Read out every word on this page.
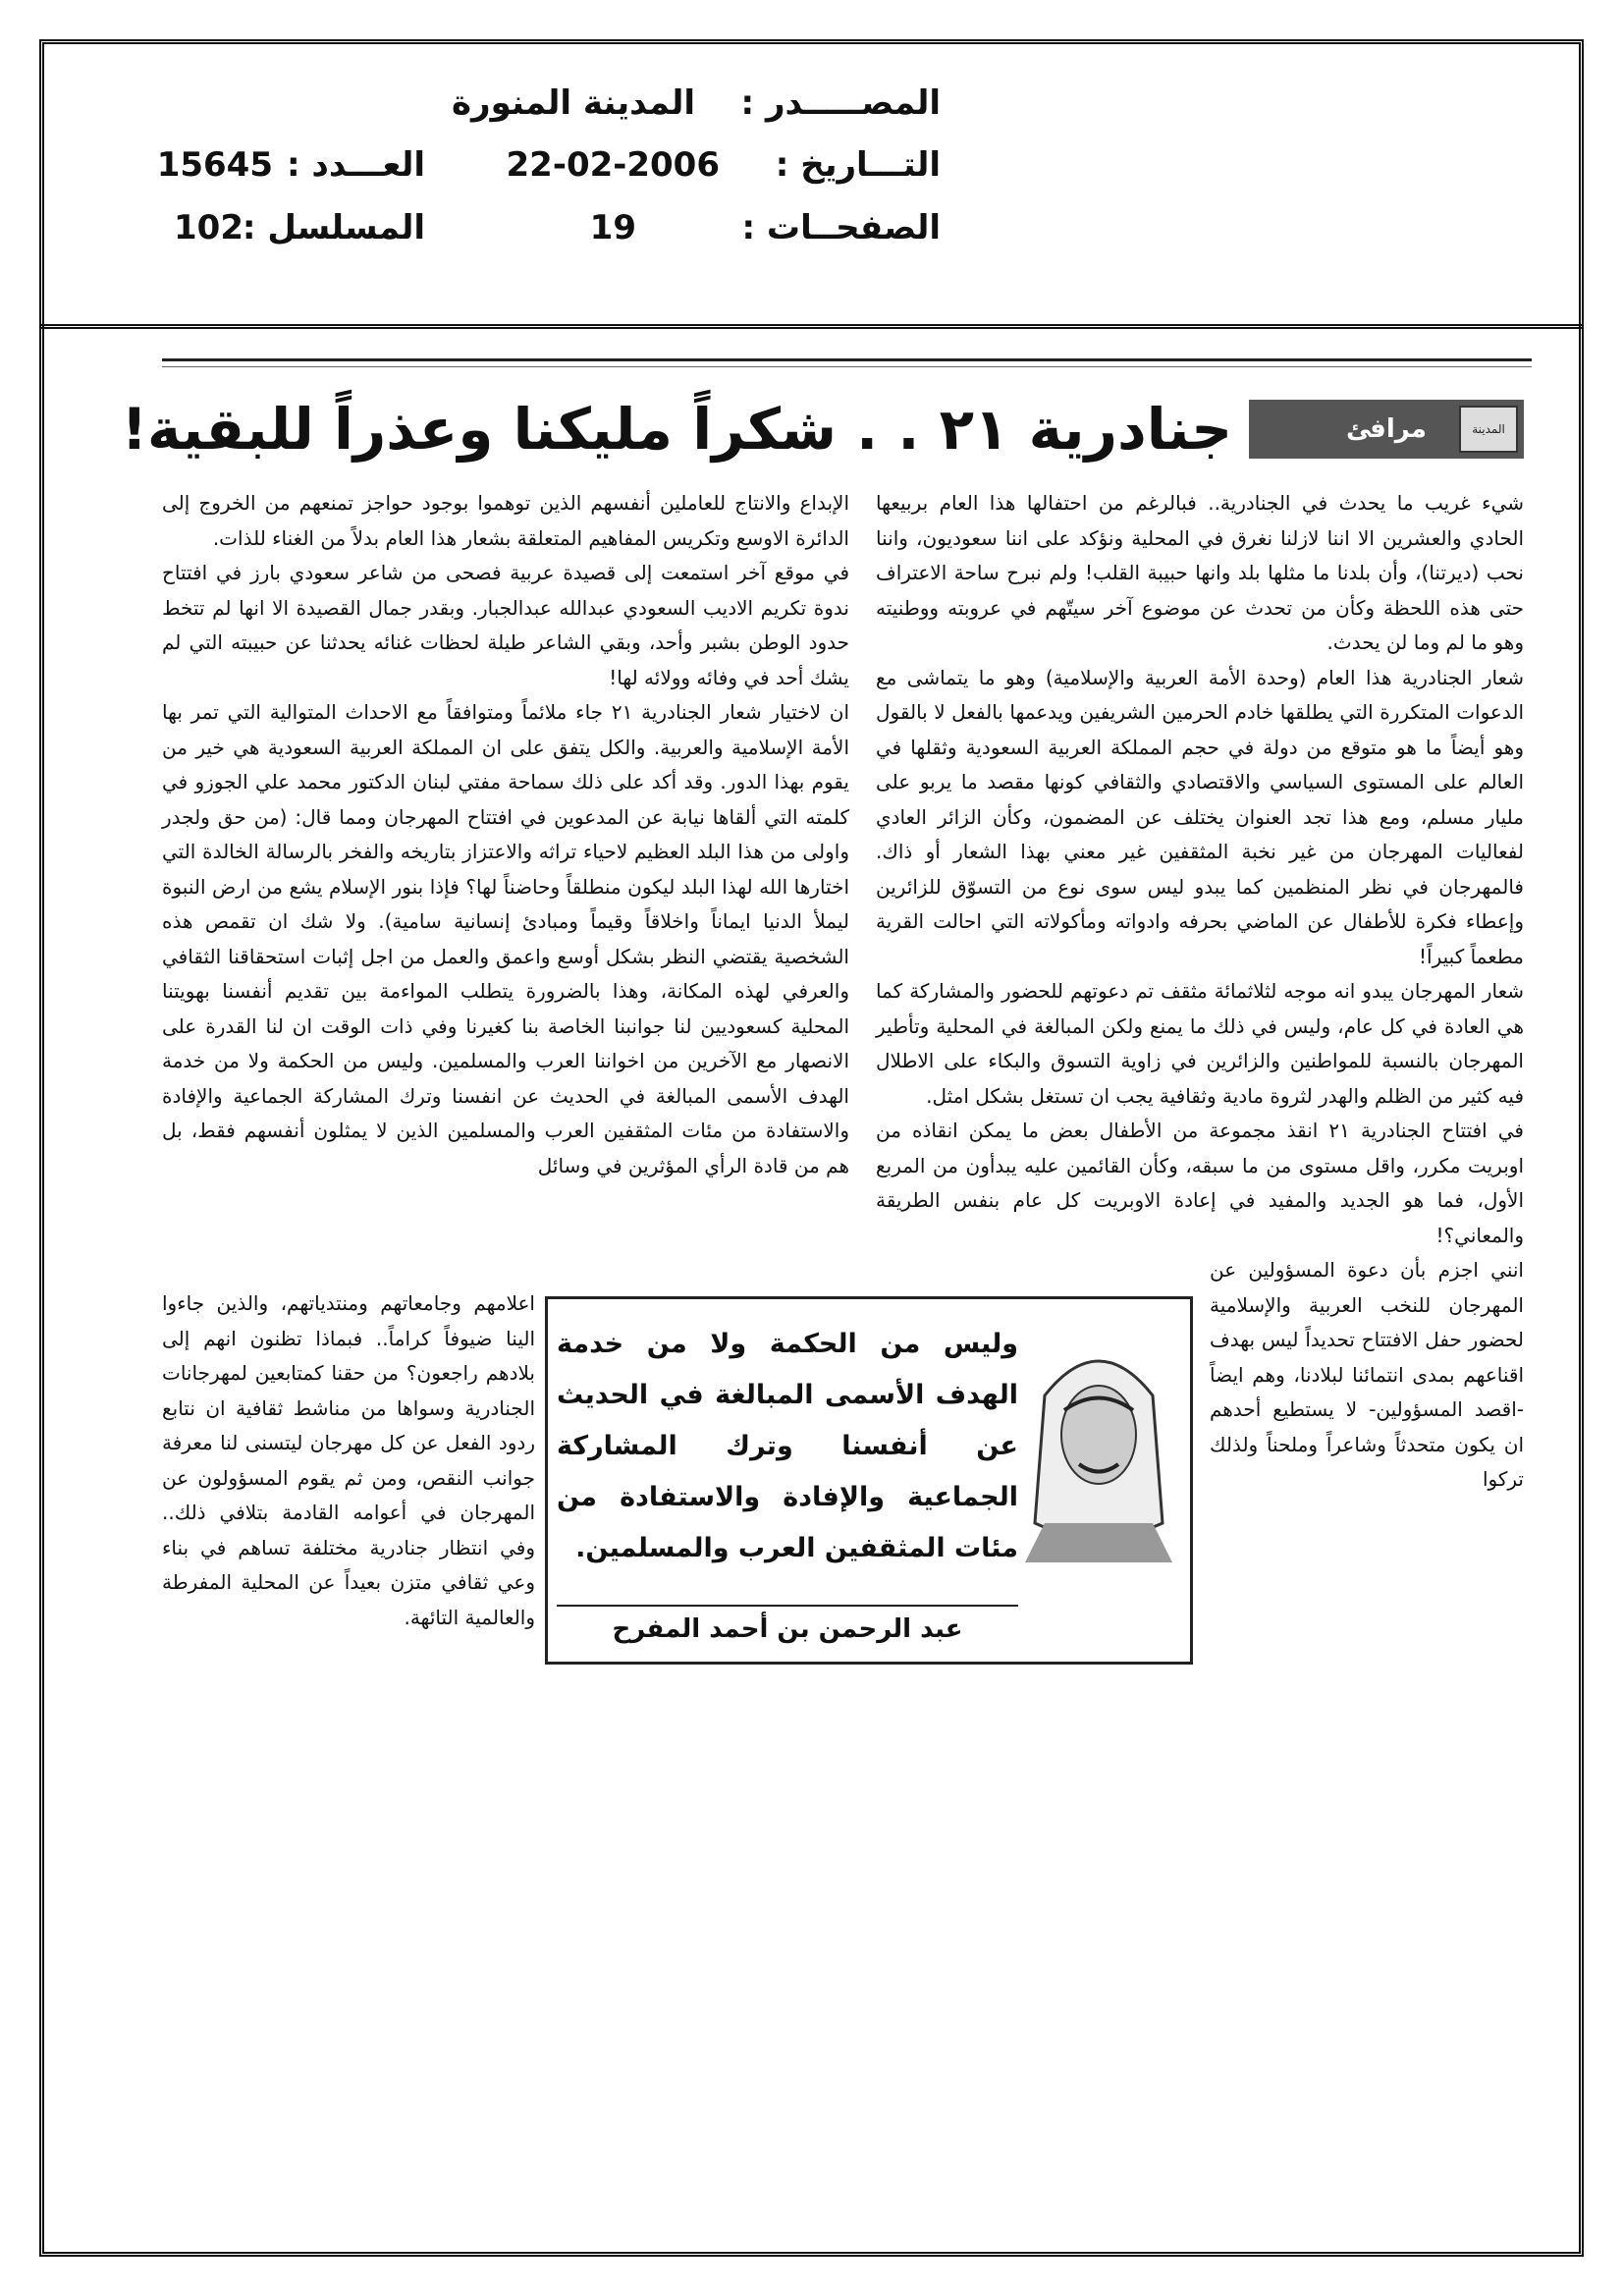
المصـــــدر :
المدينة المنورة
التـــاريخ :
22-02-2006
العـــدد :
15645
الصفحــات :
19
المسلسل :
102
مرافئ	المدينة
جنادرية ٢١ . . شكراً مليكنا وعذراً للبقية!

شيء غريب ما يحدث في الجنادرية.. فبالرغم من احتفالها هذا العام بربيعها الحادي والعشرين الا اننا لازلنا نغرق في المحلية ونؤكد على اننا سعوديون، واننا نحب (ديرتنا)، وأن بلدنا ما مثلها بلد وانها حبيبة القلب! ولم نبرح ساحة الاعتراف حتى هذه اللحظة وكأن من تحدث عن موضوع آخر سيتّهم في عروبته ووطنيته وهو ما لم وما لن يحدث.

شعار الجنادرية هذا العام (وحدة الأمة العربية والإسلامية) وهو ما يتماشى مع الدعوات المتكررة التي يطلقها خادم الحرمين الشريفين ويدعمها بالفعل لا بالقول وهو أيضاً ما هو متوقع من دولة في حجم المملكة العربية السعودية وثقلها في العالم على المستوى السياسي والاقتصادي والثقافي كونها مقصد ما يربو على مليار مسلم، ومع هذا تجد العنوان يختلف عن المضمون، وكأن الزائر العادي لفعاليات المهرجان من غير نخبة المثقفين غير معني بهذا الشعار أو ذاك. فالمهرجان في نظر المنظمين كما يبدو ليس سوى نوع من التسوّق للزائرين وإعطاء فكرة للأطفال عن الماضي بحرفه وادواته ومأكولاته التي احالت القرية مطعماً كبيراً!

شعار المهرجان يبدو انه موجه لثلاثمائة مثقف تم دعوتهم للحضور والمشاركة كما هي العادة في كل عام، وليس في ذلك ما يمنع ولكن المبالغة في المحلية وتأطير المهرجان بالنسبة للمواطنين والزائرين في زاوية التسوق والبكاء على الاطلال فيه كثير من الظلم والهدر لثروة مادية وثقافية يجب ان تستغل بشكل امثل.

في افتتاح الجنادرية ٢١ انقذ مجموعة من الأطفال بعض ما يمكن انقاذه من اوبريت مكرر، واقل مستوى من ما سبقه، وكأن القائمين عليه يبدأون من المربع الأول، فما هو الجديد والمفيد في إعادة الاوبريت كل عام بنفس الطريقة والمعاني؟!

انني اجزم بأن دعوة المسؤولين عن المهرجان للنخب العربية والإسلامية لحضور حفل الافتتاح تحديداً ليس بهدف اقناعهم بمدى انتمائنا لبلادنا، وهم ايضاً -اقصد المسؤولين- لا يستطيع أحدهم ان يكون متحدثاً وشاعراً وملحناً ولذلك تركوا

الإبداع والانتاج للعاملين أنفسهم الذين توهموا بوجود حواجز تمنعهم من الخروج إلى الدائرة الاوسع وتكريس المفاهيم المتعلقة بشعار هذا العام بدلاً من الغناء للذات.

في موقع آخر استمعت إلى قصيدة عربية فصحى من شاعر سعودي بارز في افتتاح ندوة تكريم الاديب السعودي عبدالله عبدالجبار. وبقدر جمال القصيدة الا انها لم تتخط حدود الوطن بشبر وأحد، وبقي الشاعر طيلة لحظات غنائه يحدثنا عن حبيبته التي لم يشك أحد في وفائه وولائه لها!

ان لاختيار شعار الجنادرية ٢١ جاء ملائماً ومتوافقاً مع الاحداث المتوالية التي تمر بها الأمة الإسلامية والعربية. والكل يتفق على ان المملكة العربية السعودية هي خير من يقوم بهذا الدور. وقد أكد على ذلك سماحة مفتي لبنان الدكتور محمد علي الجوزو في كلمته التي ألقاها نيابة عن المدعوين في افتتاح المهرجان ومما قال: (من حق ولجدر واولى من هذا البلد العظيم لاحياء تراثه والاعتزاز بتاريخه والفخر بالرسالة الخالدة التي اختارها الله لهذا البلد ليكون منطلقاً وحاضناً لها؟ فإذا بنور الإسلام يشع من ارض النبوة ليملأ الدنيا ايماناً واخلاقاً وقيماً ومبادئ إنسانية سامية). ولا شك ان تقمص هذه الشخصية يقتضي النظر بشكل أوسع واعمق والعمل من اجل إثبات استحقاقنا الثقافي والعرفي لهذه المكانة، وهذا بالضرورة يتطلب المواءمة بين تقديم أنفسنا بهويتنا المحلية كسعوديين لنا جوانبنا الخاصة بنا كغيرنا وفي ذات الوقت ان لنا القدرة على الانصهار مع الآخرين من اخواننا العرب والمسلمين. وليس من الحكمة ولا من خدمة الهدف الأسمى المبالغة في الحديث عن انفسنا وترك المشاركة الجماعية والإفادة والاستفادة من مئات المثقفين العرب والمسلمين الذين لا يمثلون أنفسهم فقط، بل هم من قادة الرأي المؤثرين في وسائل

اعلامهم وجامعاتهم ومنتدياتهم، والذين جاءوا الينا ضيوفاً كراماً.. فبماذا تظنون انهم إلى بلادهم راجعون؟ من حقنا كمتابعين لمهرجانات الجنادرية وسواها من مناشط ثقافية ان نتابع ردود الفعل عن كل مهرجان ليتسنى لنا معرفة جوانب النقص، ومن ثم يقوم المسؤولون عن المهرجان في أعوامه القادمة بتلافي ذلك.. وفي انتظار جنادرية مختلفة تساهم في بناء وعي ثقافي متزن بعيداً عن المحلية المفرطة والعالمية التائهة.
وليس من الحكمة ولا من خدمة الهدف الأسمى المبالغة في الحديث عن أنفسنا وترك المشاركة الجماعية والإفادة والاستفادة من مئات المثقفين العرب والمسلمين.
عبد الرحمن بن أحمد المفرح
